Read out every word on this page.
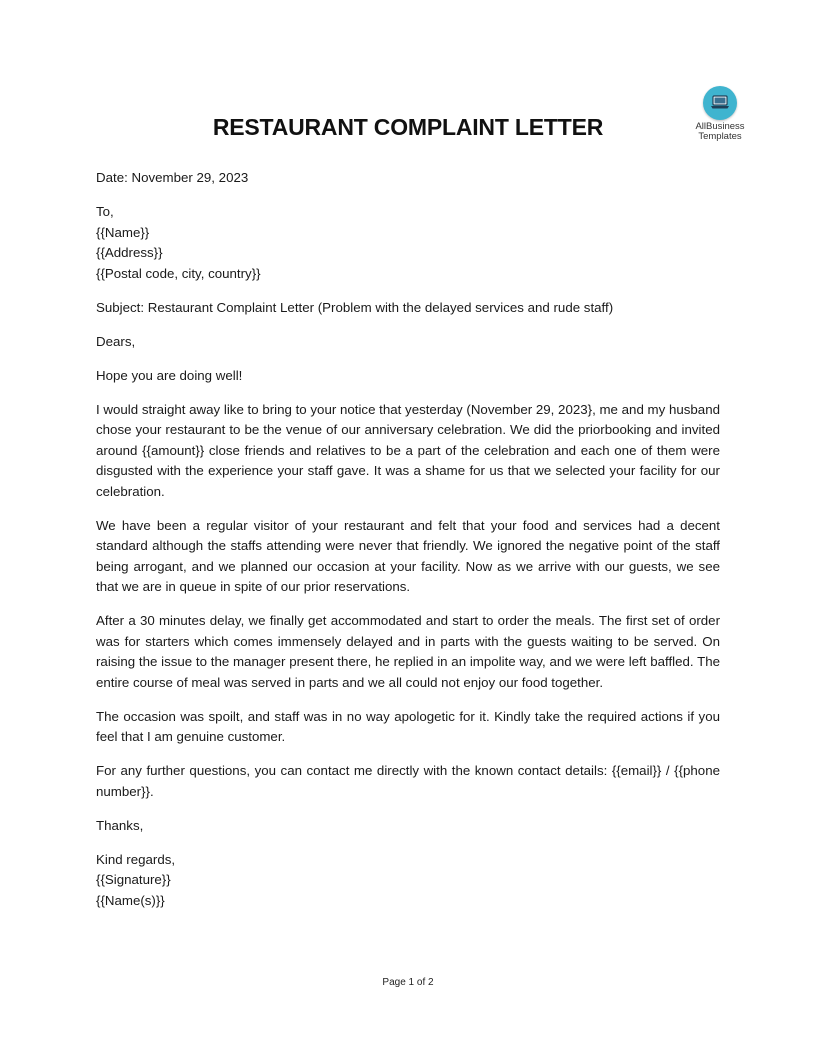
AllBusiness
Templates
RESTAURANT COMPLAINT LETTER

Date: November 29, 2023

To,
{{Name}}
{{Address}}
{{Postal code, city, country}}

Subject: Restaurant Complaint Letter (Problem with the delayed services and rude staff)

Dears,

Hope you are doing well!

I would straight away like to bring to your notice that yesterday (November 29, 2023}, me and my husband chose your restaurant to be the venue of our anniversary celebration. We did the priorbooking and invited around {{amount}} close friends and relatives to be a part of the celebration and each one of them were disgusted with the experience your staff gave. It was a shame for us that we selected your facility for our celebration.

We have been a regular visitor of your restaurant and felt that your food and services had a decent standard although the staffs attending were never that friendly. We ignored the negative point of the staff being arrogant, and we planned our occasion at your facility. Now as we arrive with our guests, we see that we are in queue in spite of our prior reservations.

After a 30 minutes delay, we finally get accommodated and start to order the meals. The first set of order was for starters which comes immensely delayed and in parts with the guests waiting to be served. On raising the issue to the manager present there, he replied in an impolite way, and we were left baffled. The entire course of meal was served in parts and we all could not enjoy our food together.

The occasion was spoilt, and staff was in no way apologetic for it. Kindly take the required actions if you feel that I am genuine customer.

For any further questions, you can contact me directly with the known contact details: {{email}} / {{phone number}}.

Thanks,

Kind regards,
{{Signature}}
{{Name(s)}}

Page 1 of 2
